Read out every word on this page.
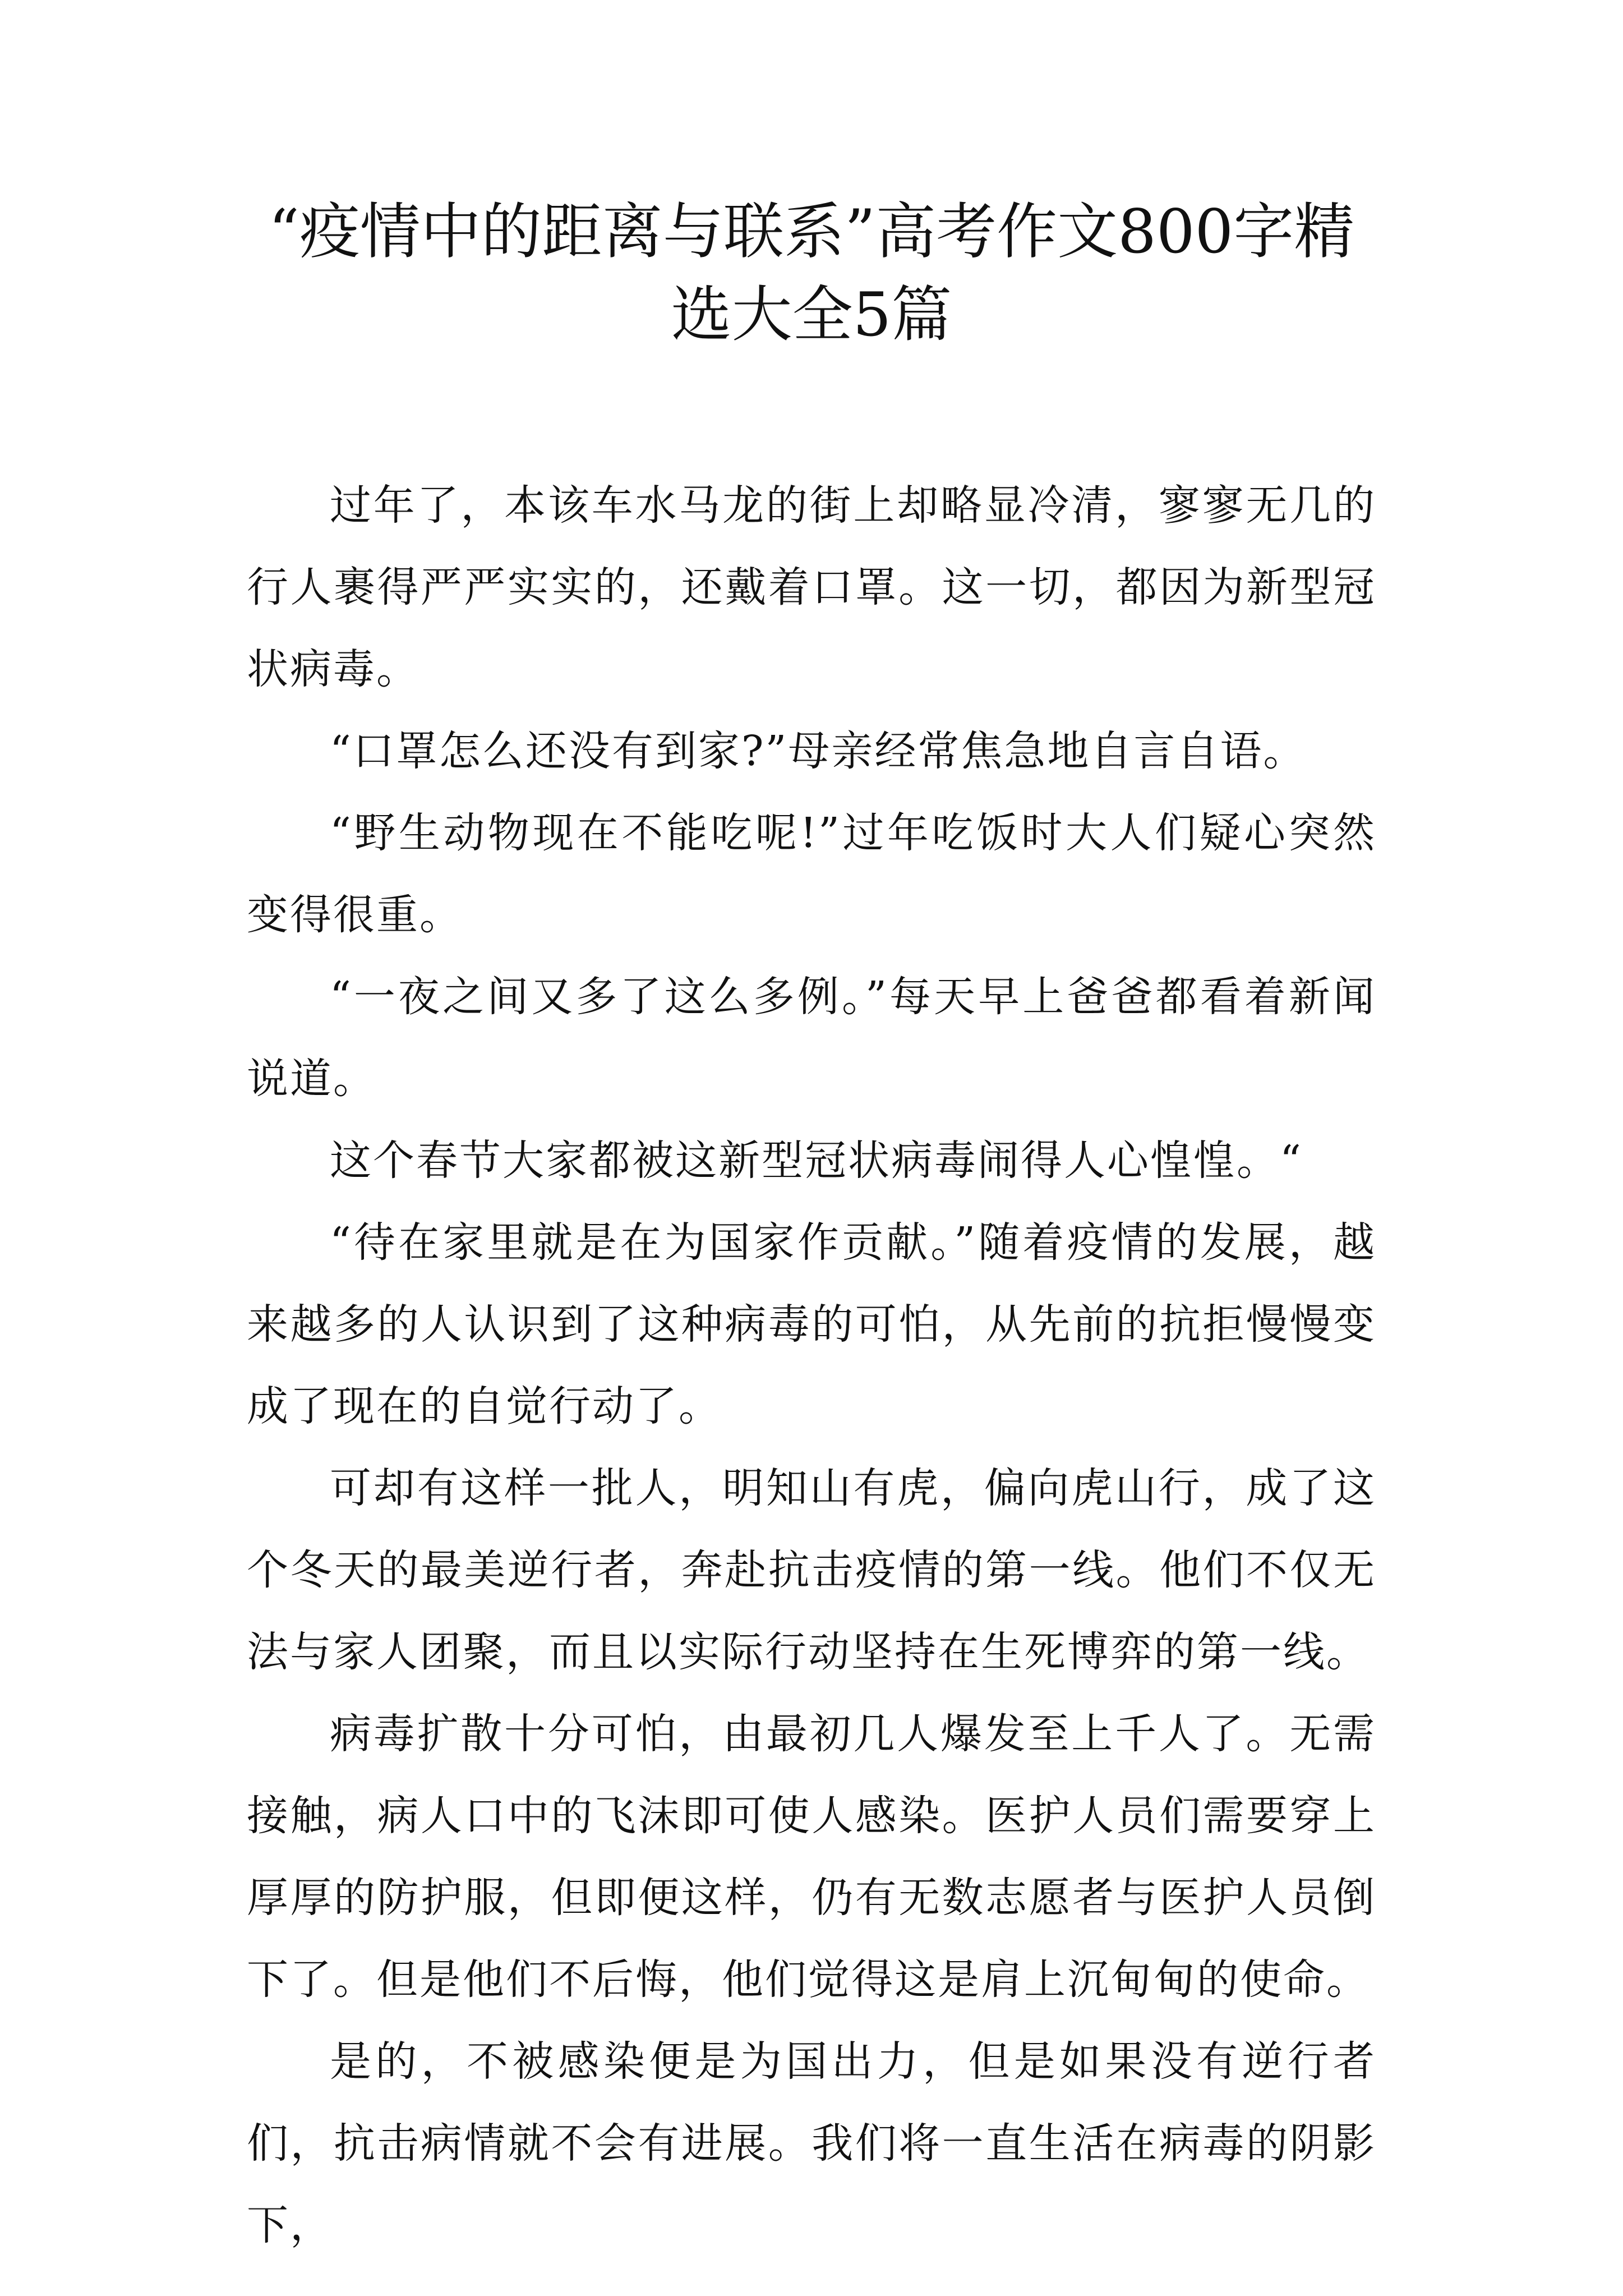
“疫情中的距离与联系”高考作文800字精选大全5篇

过年了，本该车水马龙的街上却略显冷清，寥寥无几的行人裹得严严实实的，还戴着口罩。这一切，都因为新型冠状病毒。

“口罩怎么还没有到家?”母亲经常焦急地自言自语。

“野生动物现在不能吃呢!”过年吃饭时大人们疑心突然变得很重。

“一夜之间又多了这么多例。”每天早上爸爸都看着新闻说道。

这个春节大家都被这新型冠状病毒闹得人心惶惶。“

“待在家里就是在为国家作贡献。”随着疫情的发展，越来越多的人认识到了这种病毒的可怕，从先前的抗拒慢慢变成了现在的自觉行动了。

可却有这样一批人，明知山有虎，偏向虎山行，成了这个冬天的最美逆行者，奔赴抗击疫情的第一线。他们不仅无法与家人团聚，而且以实际行动坚持在生死博弈的第一线。

病毒扩散十分可怕，由最初几人爆发至上千人了。无需接触，病人口中的飞沫即可使人感染。医护人员们需要穿上厚厚的防护服，但即便这样，仍有无数志愿者与医护人员倒下了。但是他们不后悔，他们觉得这是肩上沉甸甸的使命。

是的，不被感染便是为国出力，但是如果没有逆行者们，抗击病情就不会有进展。我们将一直生活在病毒的阴影下，
